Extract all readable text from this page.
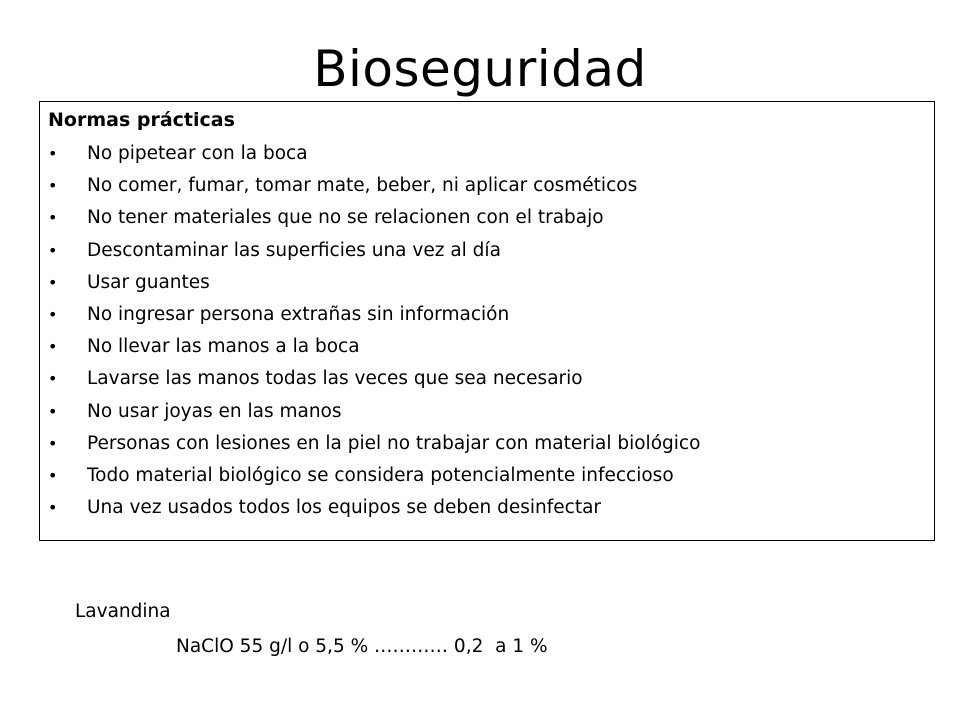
Bioseguridad
Normas prácticas
• No pipetear con la boca
• No comer, fumar, tomar mate, beber, ni aplicar cosméticos
• No tener materiales que no se relacionen con el trabajo
• Descontaminar las superficies una vez al día
• Usar guantes
• No ingresar persona extrañas sin información
• No llevar las manos a la boca
• Lavarse las manos todas las veces que sea necesario
• No usar joyas en las manos
• Personas con lesiones en la piel no trabajar con material biológico
• Todo material biológico se considera potencialmente infeccioso
• Una vez usados todos los equipos se deben desinfectar
Lavandina
NaClO 55 g/l o 5,5 % ………… 0,2  a 1 %
